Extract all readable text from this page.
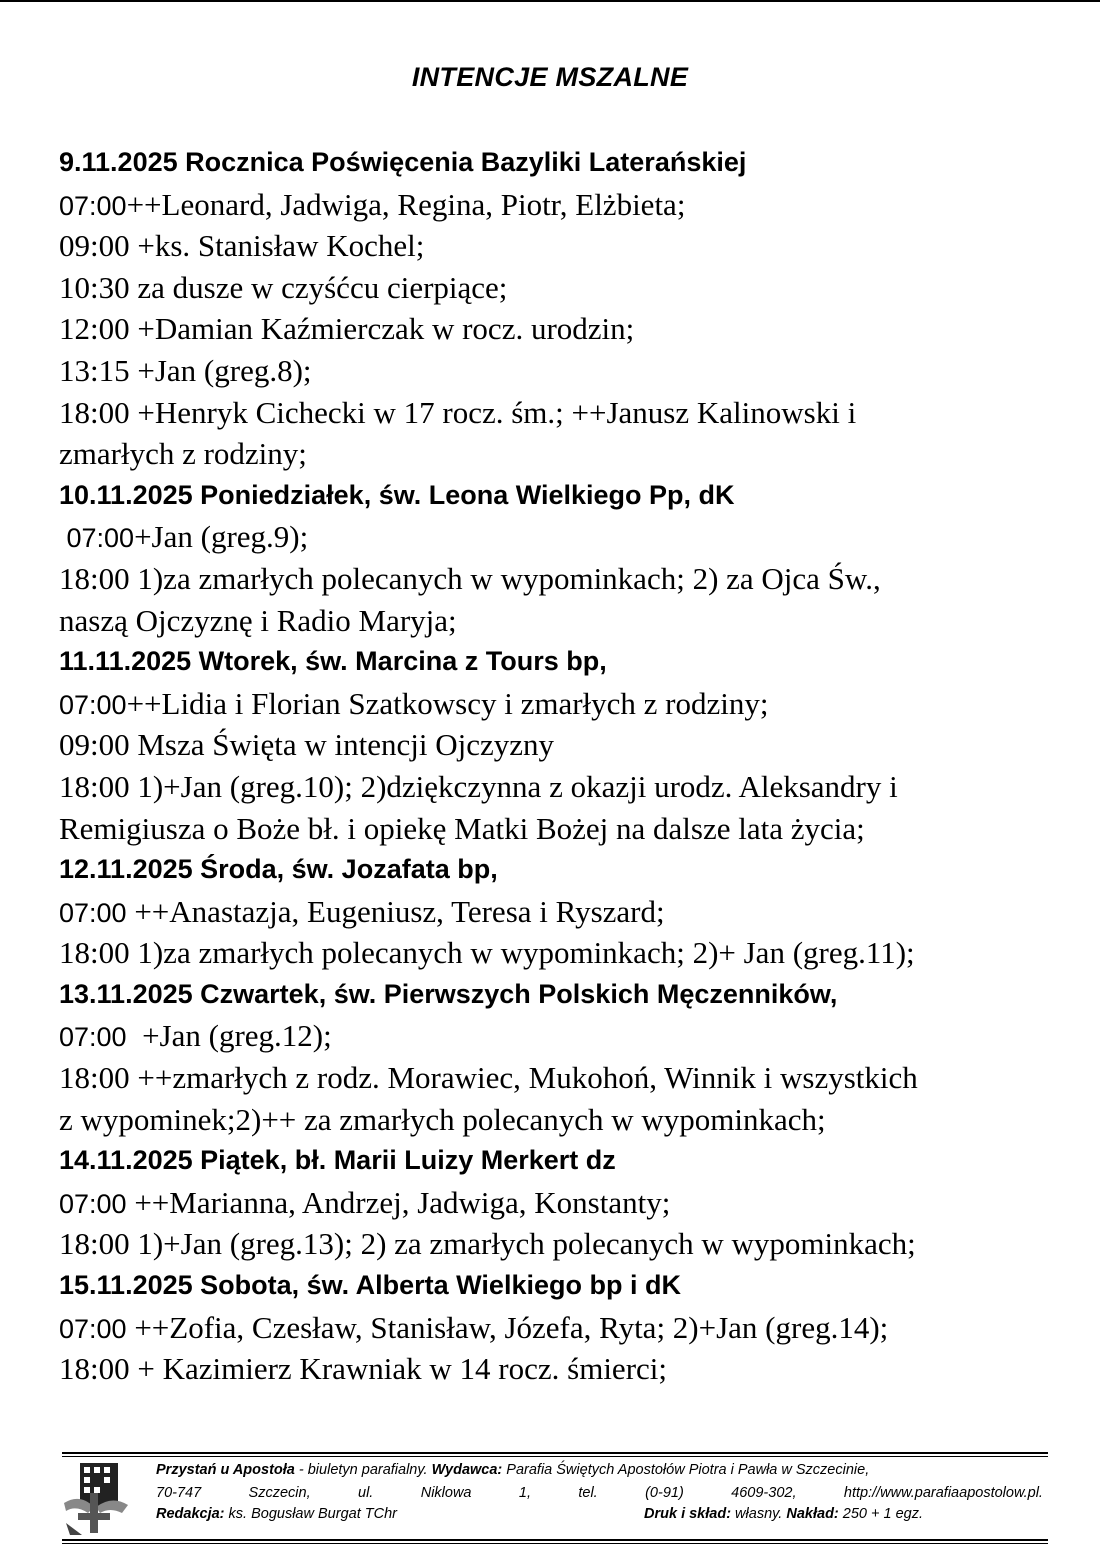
INTENCJE MSZALNE
9.11.2025 Rocznica Poświęcenia Bazyliki Laterańskiej
07:00++Leonard, Jadwiga, Regina, Piotr, Elżbieta;
09:00 +ks. Stanisław Kochel;
10:30 za dusze w czyśćcu cierpiące;
12:00 +Damian Kaźmierczak w rocz. urodzin;
13:15 +Jan (greg.8);
18:00 +Henryk Cichecki w 17 rocz. śm.; ++Janusz Kalinowski i
zmarłych z rodziny;
10.11.2025 Poniedziałek, św. Leona Wielkiego Pp, dK
07:00+Jan (greg.9);
18:00 1)za zmarłych polecanych w wypominkach; 2) za Ojca Św.,
naszą Ojczyznę i Radio Maryja;
11.11.2025 Wtorek, św. Marcina z Tours bp,
07:00++Lidia i Florian Szatkowscy i zmarłych z rodziny;
09:00 Msza Święta w intencji Ojczyzny
18:00 1)+Jan (greg.10); 2)dziękczynna z okazji urodz. Aleksandry i
Remigiusza o Boże bł. i opiekę Matki Bożej na dalsze lata życia;
12.11.2025 Środa, św. Jozafata bp,
07:00 ++Anastazja, Eugeniusz, Teresa i Ryszard;
18:00 1)za zmarłych polecanych w wypominkach; 2)+ Jan (greg.11);
13.11.2025 Czwartek, św. Pierwszych Polskich Męczenników,
07:00  +Jan (greg.12);
18:00 ++zmarłych z rodz. Morawiec, Mukohoń, Winnik i wszystkich
z wypominek;2)++ za zmarłych polecanych w wypominkach;
14.11.2025 Piątek, bł. Marii Luizy Merkert dz
07:00 ++Marianna, Andrzej, Jadwiga, Konstanty;
18:00 1)+Jan (greg.13); 2) za zmarłych polecanych w wypominkach;
15.11.2025 Sobota, św. Alberta Wielkiego bp i dK
07:00 ++Zofia, Czesław, Stanisław, Józefa, Ryta; 2)+Jan (greg.14);
18:00 + Kazimierz Krawniak w 14 rocz. śmierci;
Przystań u Apostoła - biuletyn parafialny. Wydawca: Parafia Świętych Apostołów Piotra i Pawła w Szczecinie,
70-747	Szczecin,	ul.	Niklowa	1,	tel.	(0-91)	4609-302,	http://www.parafiaapostolow.pl.
Redakcja: ks. Bogusław Burgat TChr	Druk i skład: własny. Nakład: 250 + 1 egz.
